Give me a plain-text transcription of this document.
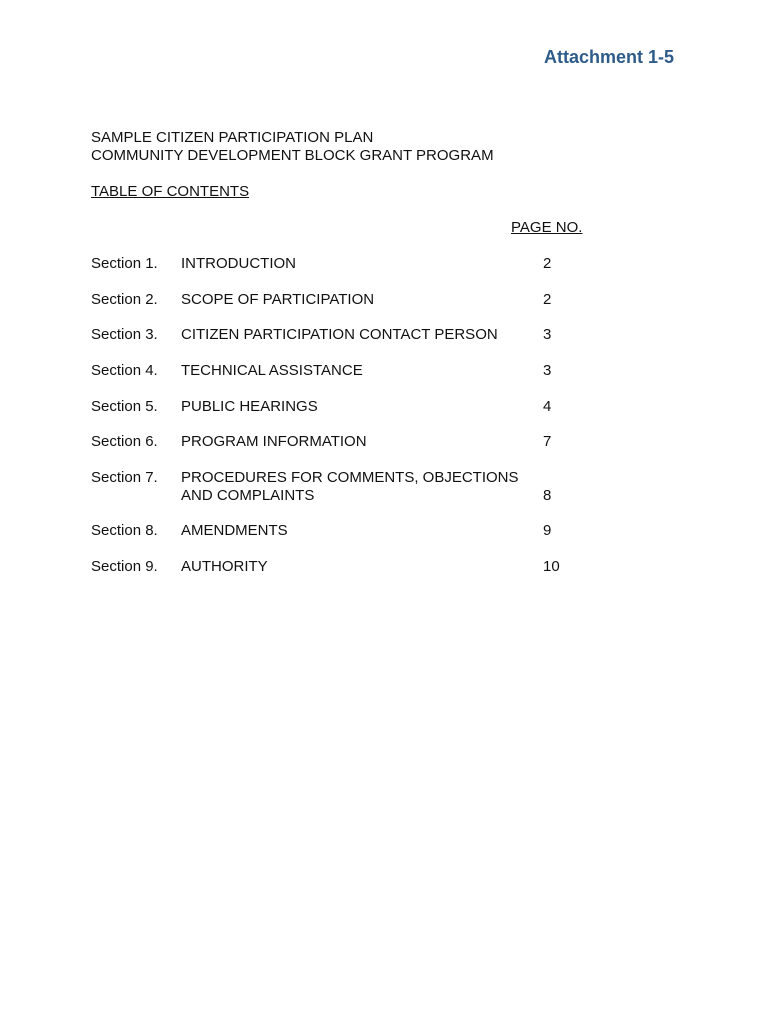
Attachment 1-5
SAMPLE CITIZEN PARTICIPATION PLAN
COMMUNITY DEVELOPMENT BLOCK GRANT PROGRAM
TABLE OF CONTENTS
PAGE NO.
Section 1. INTRODUCTION	2
Section 2. SCOPE OF PARTICIPATION	2
Section 3. CITIZEN PARTICIPATION CONTACT PERSON	3
Section 4. TECHNICAL ASSISTANCE	3
Section 5. PUBLIC HEARINGS	4
Section 6. PROGRAM INFORMATION	7
Section 7. PROCEDURES FOR COMMENTS, OBJECTIONS
AND COMPLAINTS	8
Section 8. AMENDMENTS	9
Section 9. AUTHORITY	10
